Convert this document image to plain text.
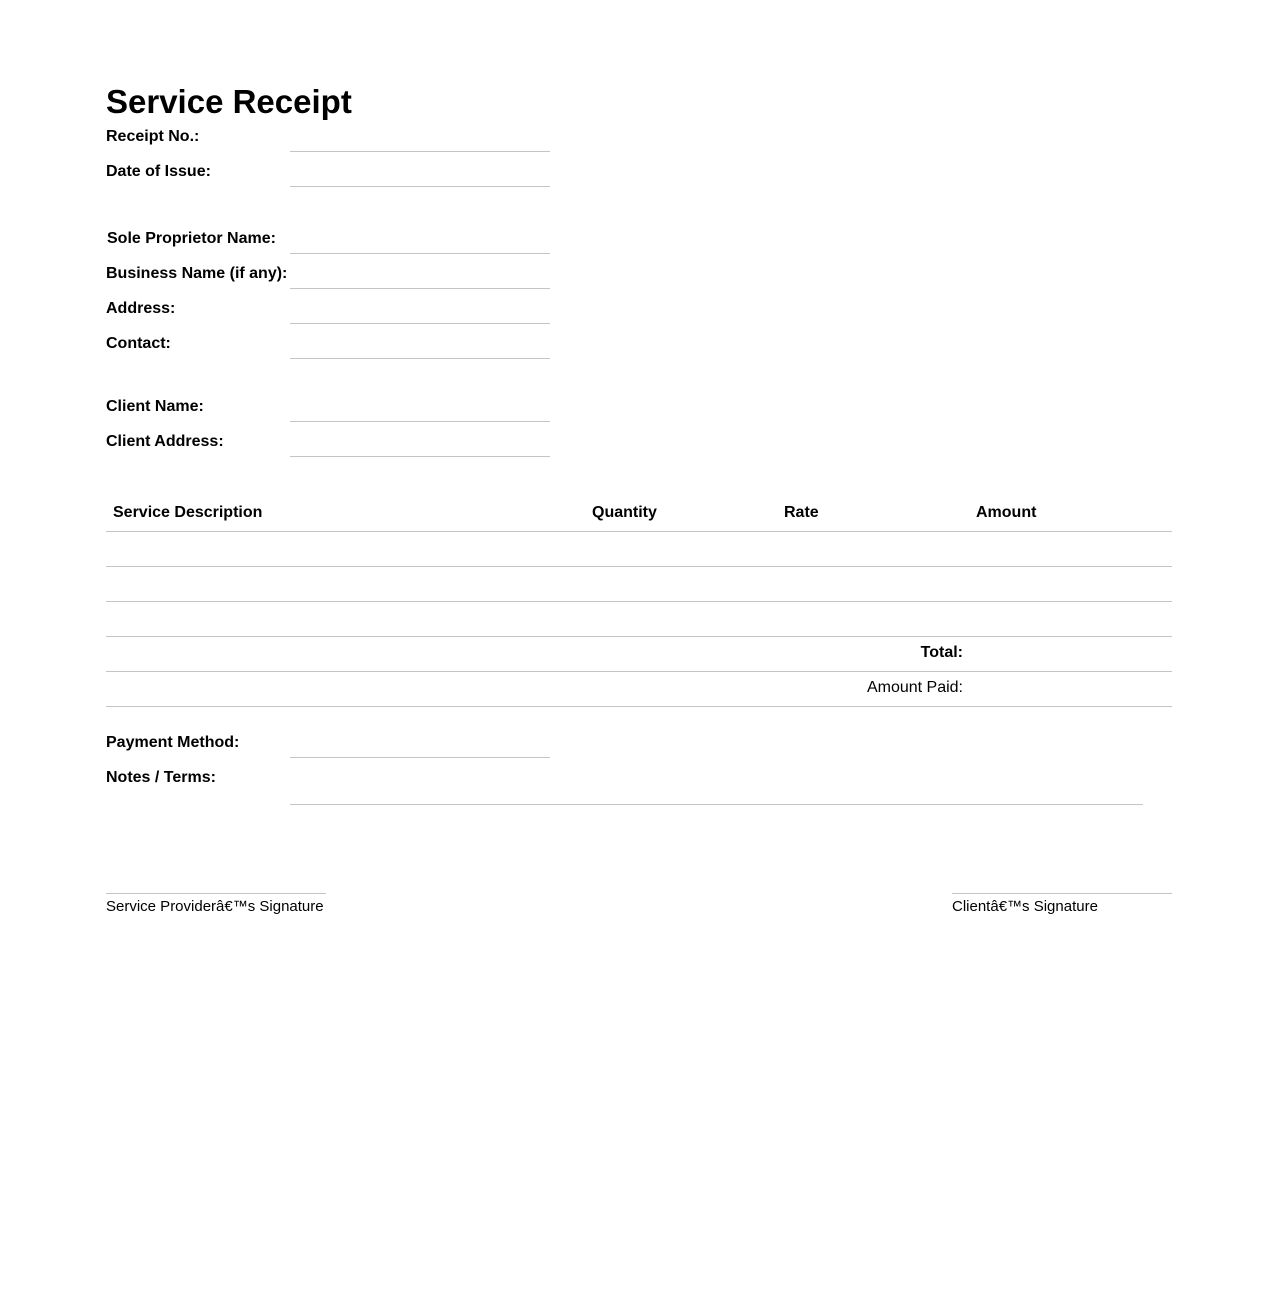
Service Receipt
Receipt No.:
Date of Issue:
Sole Proprietor Name:
Business Name (if any):
Address:
Contact:
Client Name:
Client Address:
Service Description	Quantity	Rate	Amount
Total:
Amount Paid:
Payment Method:
Notes / Terms:
Service Providerâ€™s Signature	Clientâ€™s Signature
